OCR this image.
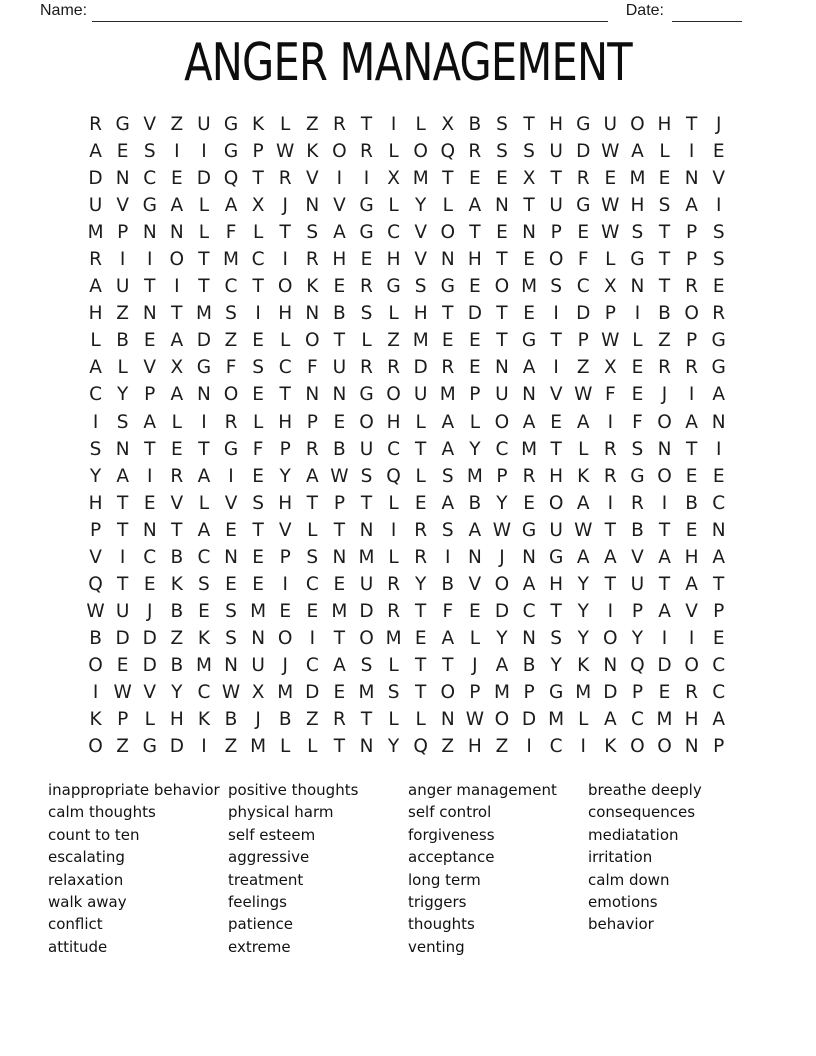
Name:	Date:
ANGER MANAGEMENT
R G V Z U G K L Z R T	I	L X B S T H G U O H T	J
A E S I	I G P W K O R L O Q R S S U D W A L	I	E
D N C E D Q T R V I	I X M T E E X T R E M E N V
U V G A L A X J N V G L Y L A N T U G W H S A I
M P N N L F L T S A G C V O T E N P E W S T P S
R I	I O T M C I R H E H V N H T E O F L G T P S
A U T	I	T C T O K E R G S G E O M S C X N T R E
H Z N T M S I H N B S L H T D T E	I D P	I B O R
L B E A D Z E L O T L Z M E E T G T P W L Z P G
A L V X G F S C F U R R D R E N A I Z X E R R G
C Y P A N O E T N N G O U M P U N V W F E	J	I A
I S A L	I R L H P E O H L A L O A E A I	F O A N
S N T E T G F P R B U C T A Y C M T L R S N T	I
Y A I R A I	E Y A W S Q L S M P R H K R G O E E
H T E V L V S H T P T L E A B Y E O A I R I B C
P T N T A E T V L T N I R S A W G U W T B T E N
V I C B C N E P S N M L R I N J N G A A V A H A
Q T E K S E E	I C E U R Y B V O A H Y T U T A T
W U J B E S M E E M D R T F E D C T Y	I	P A V P
B D D Z K S N O I	T O M E A L Y N S Y O Y	I	I	E
O E D B M N U J C A S L T T	J A B Y K N Q D O C
I W V Y C W X M D E M S T O P M P G M D P E R C
K P L H K B J B Z R T L L N W O D M L A C M H A
O Z G D I Z M L L T N Y Q Z H Z I C I K O O N P
inappropriate behavior
calm thoughts
count to ten
escalating
relaxation
walk away
conflict
attitude
positive thoughts
physical harm
self esteem
aggressive
treatment
feelings
patience
extreme
anger management
self control
forgiveness
acceptance
long term
triggers
thoughts
venting
breathe deeply
consequences
mediatation
irritation
calm down
emotions
behavior
